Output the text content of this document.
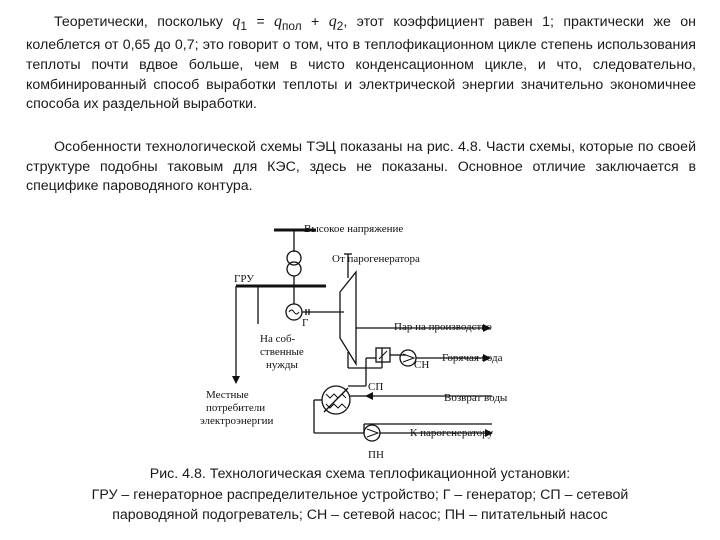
Теоретически, поскольку $q_1 = q_{пол} + q_2$, этот коэффициент равен 1; практически же он колеблется от 0,65 до 0,7; это говорит о том, что в теплофикационном цикле степень использования теплоты почти вдвое больше, чем в чисто конденсационном цикле, и что, следовательно, комбинированный способ выработки теплоты и электрической энергии значительно экономичнее способа их раздельной выработки.

Особенности технологической схемы ТЭЦ показаны на рис. 4.8. Части схемы, которые по своей структуре подобны таковым для КЭС, здесь не показаны. Основное отличие заключается в специфике пароводяного контура.

Высокое напряжение
ГРУ
От парогенератора
Г
На соб-
ственные
нужды
Пар на производство
СН
Горячая вода
СП
Возврат воды
Местные
потребители
электроэнергии
К парогенератору
ПН
Рис. 4.8. Технологическая схема теплофикационной установки:
ГРУ – генераторное распределительное устройство; Г – генератор; СП – сетевой
пароводяной подогреватель; СН – сетевой насос; ПН – питательный насос
